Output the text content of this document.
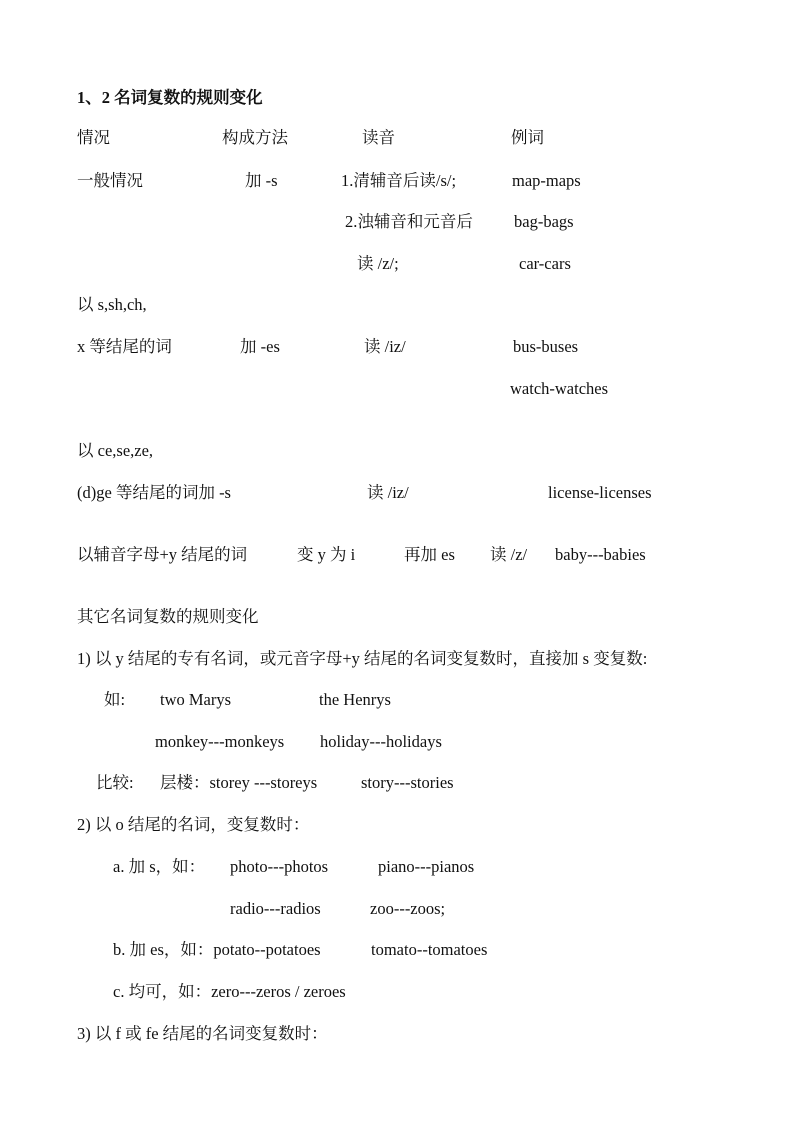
1、2 名词复数的规则变化
情况	构成方法	读音	例词
一般情况	加 -s	1.清辅音后读/s/;	map-maps
2.浊辅音和元音后 bag-bags
读 /z/;	car-cars
以 s,sh,ch,
x 等结尾的词	加 -es	读 /iz/	bus-buses
watch-watches
以 ce,se,ze,
(d)ge 等结尾的词加 -s	读 /iz/	license-licenses
以辅音字母+y 结尾的词	变 y 为 i	再加 es 读 /z/ baby---babies
其它名词复数的规则变化
1) 以 y 结尾的专有名词，或元音字母+y 结尾的名词变复数时，直接加 s 变复数:
如: two Marys	the Henrys
monkey---monkeys holiday---holidays
比较: 层楼：storey ---storeys	story---stories
2) 以 o 结尾的名词，变复数时：
a. 加 s，如： photo---photos	piano---pianos
radio---radios	zoo---zoos;
b. 加 es，如：potato--potatoes	tomato--tomatoes
c. 均可，如：zero---zeros / zeroes
3) 以 f 或 fe 结尾的名词变复数时：
